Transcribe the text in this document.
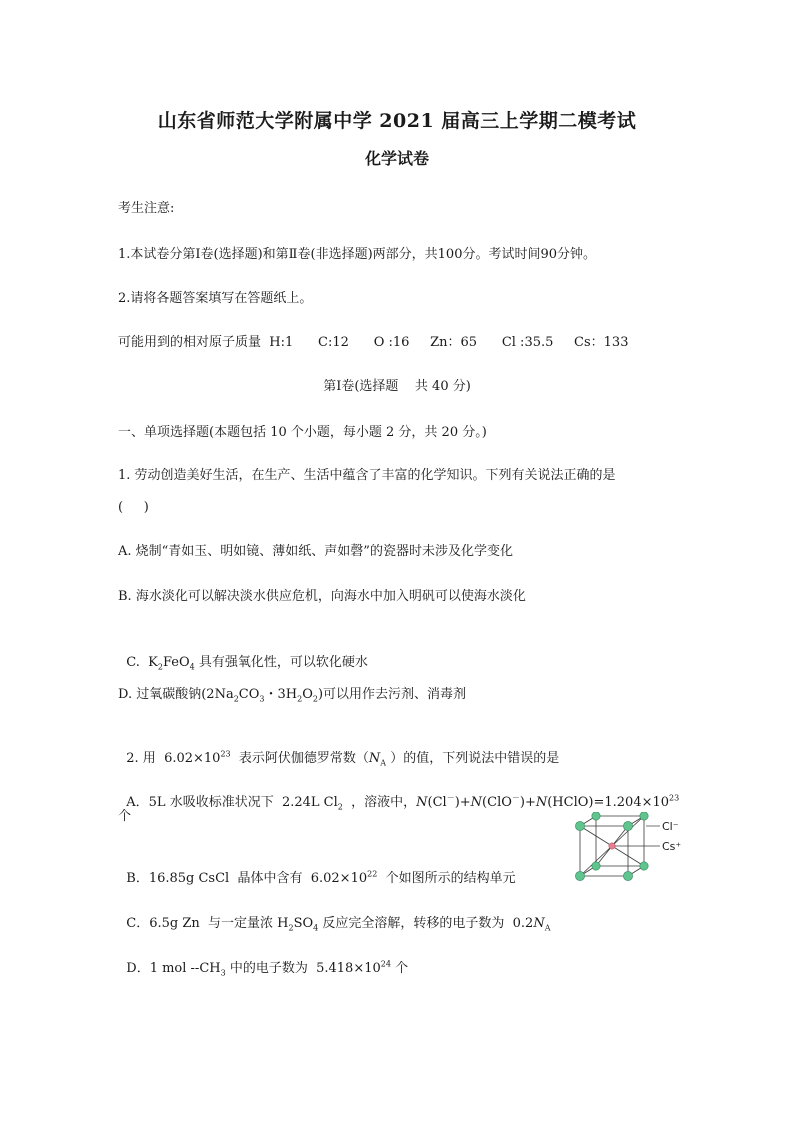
山东省师范大学附属中学 2021 届高三上学期二模考试
化学试卷
考生注意:
1.本试卷分第Ⅰ卷(选择题)和第Ⅱ卷(非选择题)两部分，共100分。考试时间90分钟。
2.请将各题答案填写在答题纸上。
可能用到的相对原子质量  H:1      C:12      O :16     Zn：65      Cl :35.5     Cs：133
第Ⅰ卷(选择题    共 40 分)
一、单项选择题(本题包括 10 个小题，每小题 2 分，共 20 分。)
1. 劳动创造美好生活，在生产、生活中蕴含了丰富的化学知识。下列有关说法正确的是
(     )
A. 烧制“青如玉、明如镜、薄如纸、声如磬”的瓷器时未涉及化学变化
B. 海水淡化可以解决淡水供应危机，向海水中加入明矾可以使海水淡化

C.  $K_2FeO_4$ 具有强氧化性，可以软化硬水

D. 过氧碳酸钠($2Na_2CO_3$・$3H_2O_2$)可以用作去污剂、消毒剂

2. 用  $6.02\times 10^{23}$  表示阿伏伽德罗常数（$N_A$ ）的值，下列说法中错误的是

A．5L 水吸收标准状况下  2.24L $Cl_2$  ，溶液中，$N(Cl^-)+N(ClO^-)+N(HClO)=1.204\times 10^{23}$

个

B．16.85g CsCl  晶体中含有  $6.02\times 10^{22}$  个如图所示的结构单元

C．6.5g Zn  与一定量浓 $H_2SO_4$ 反应完全溶解，转移的电子数为  $0.2N_A$

D．1 mol $--CH_3$ 中的电子数为  $5.418\times 10^{24}$ 个

Cl⁻
Cs⁺
